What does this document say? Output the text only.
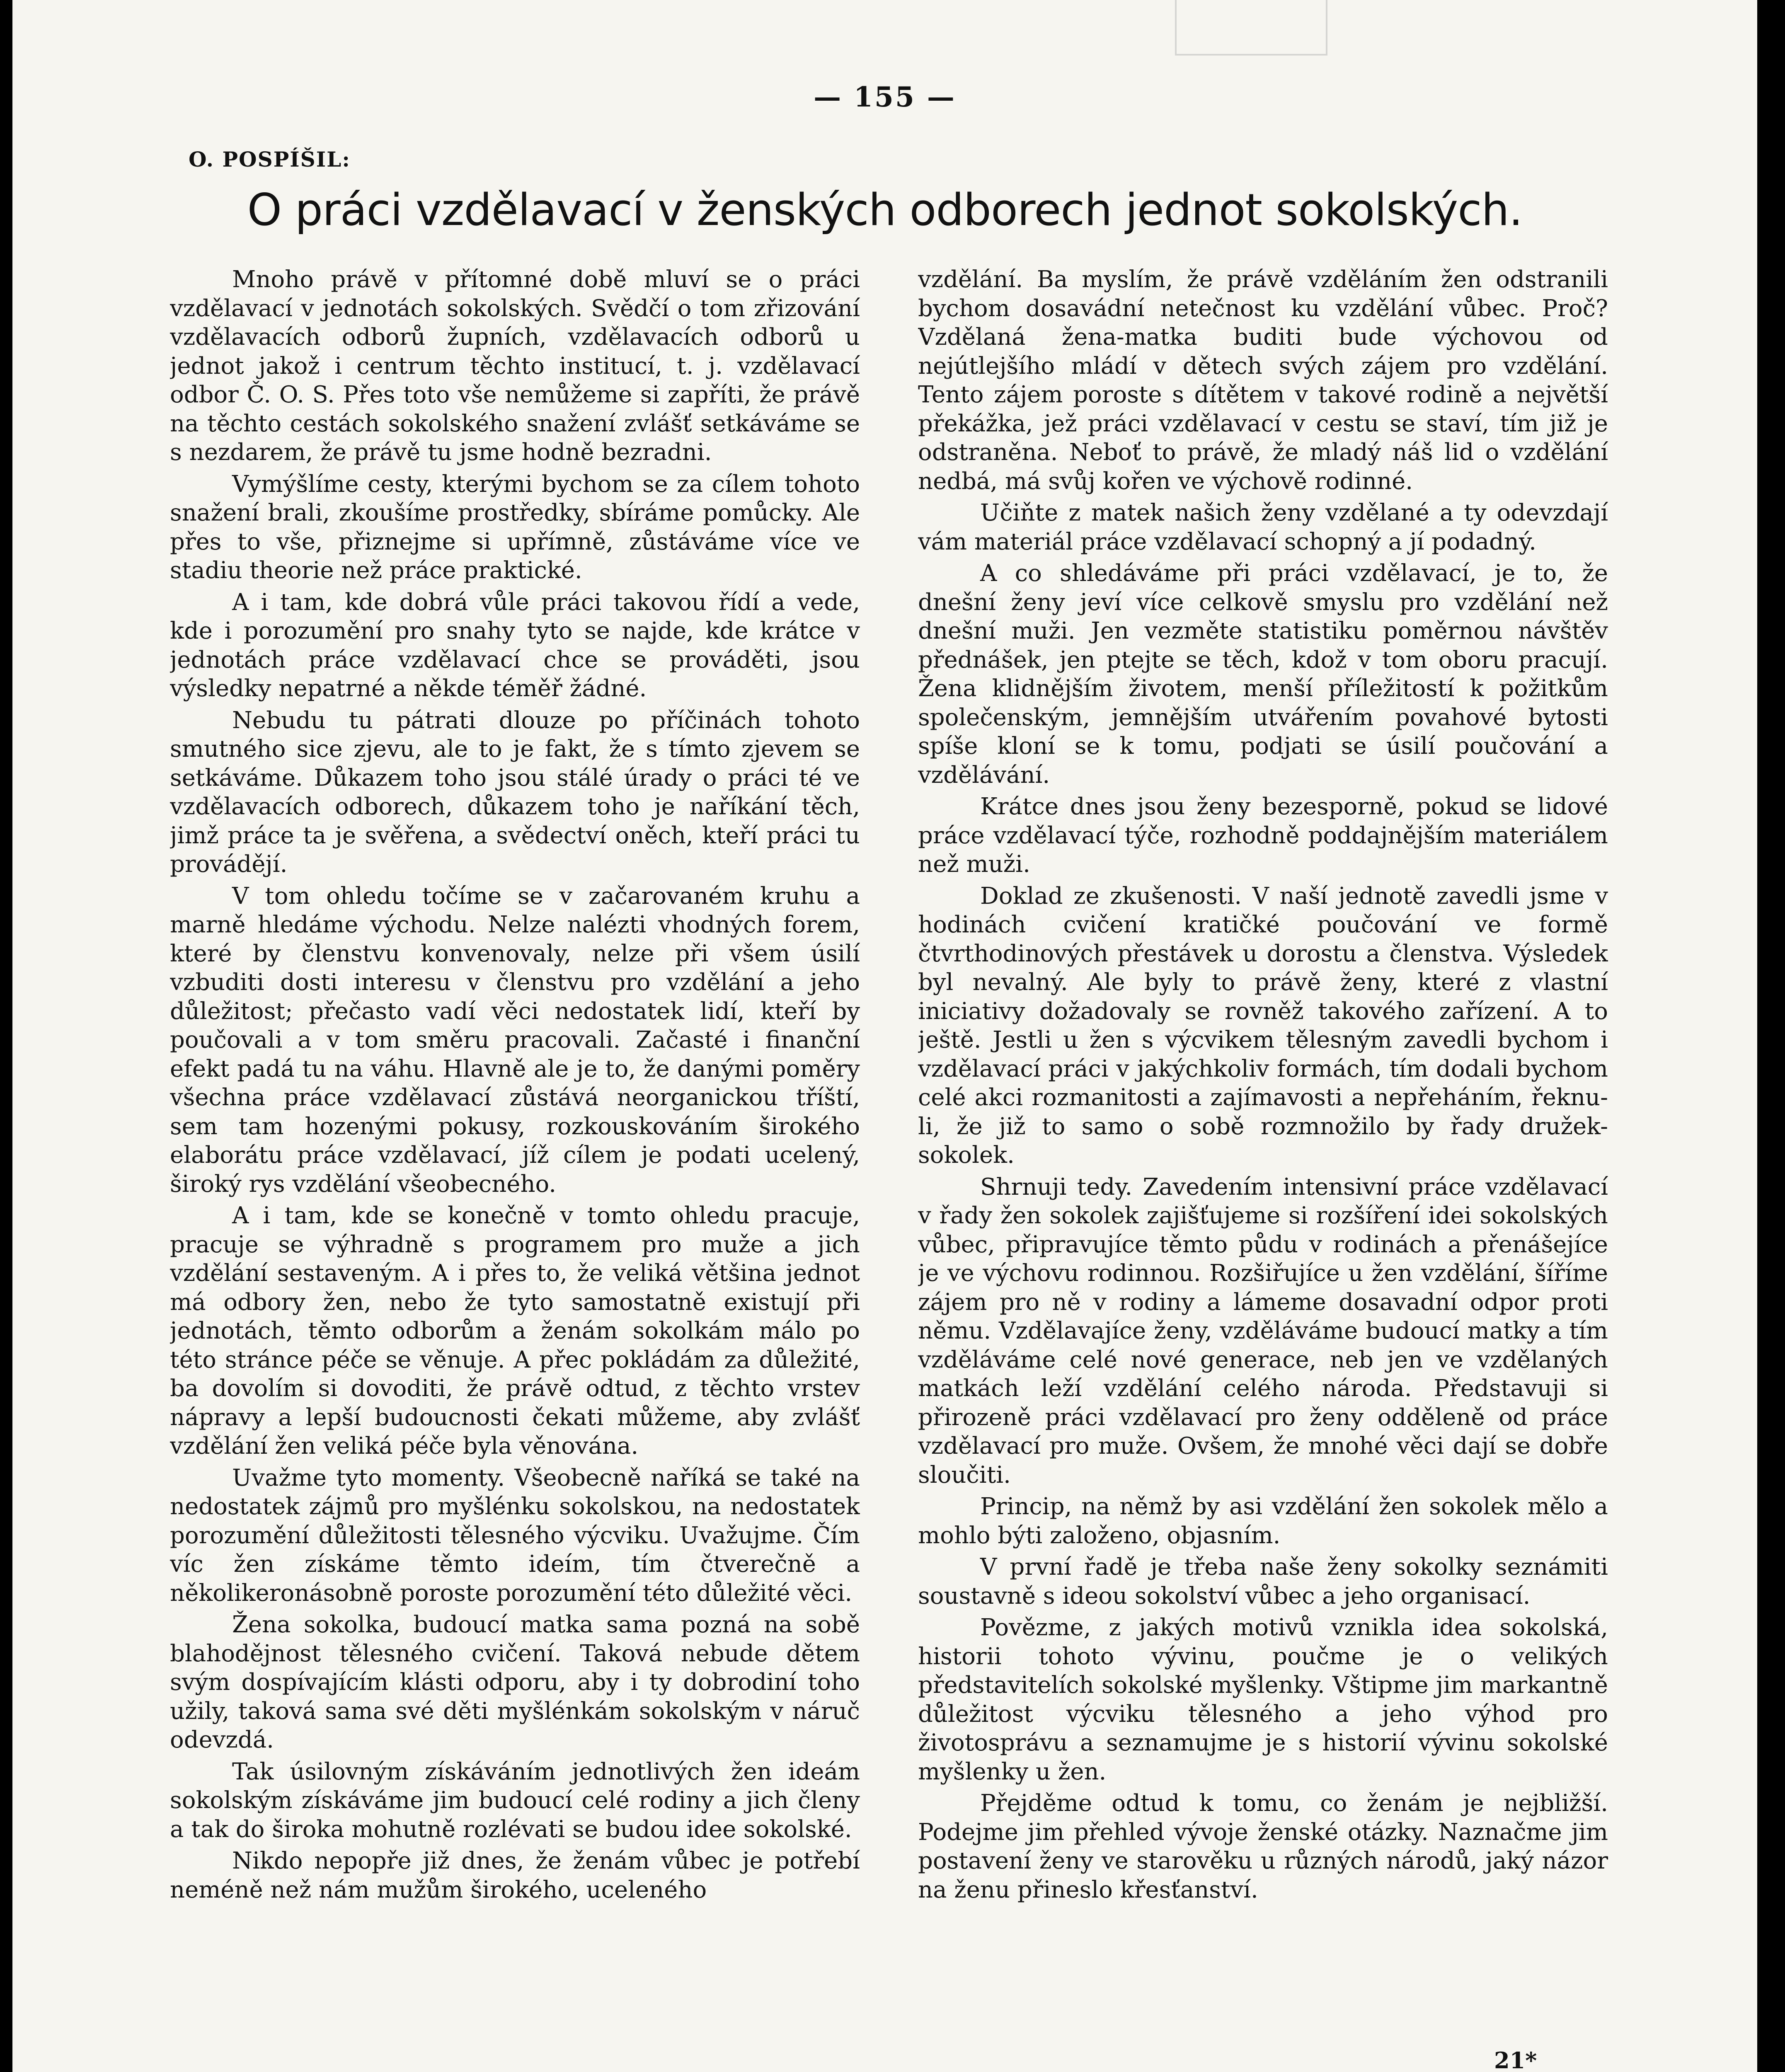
— 155 —
O. POSPÍŠIL:
O práci vzdělavací v ženských odborech jednot sokolských.

Mnoho právě v přítomné době mluví se o práci vzdělavací v jednotách sokolských. Svědčí o tom zřizování vzdělavacích odborů župních, vzdělavacích odborů u jednot jakož i centrum těchto institucí, t. j. vzdělavací odbor Č. O. S. Přes toto vše nemůžeme si zapříti, že právě na těchto cestách sokolského snažení zvlášť setkáváme se s nezdarem, že právě tu jsme hodně bezradni.

Vymýšlíme cesty, kterými bychom se za cílem tohoto snažení brali, zkoušíme prostředky, sbíráme pomůcky. Ale přes to vše, přiznejme si upřímně, zůstáváme více ve stadiu theorie než práce praktické.

A i tam, kde dobrá vůle práci takovou řídí a vede, kde i porozumění pro snahy tyto se najde, kde krátce v jednotách práce vzdělavací chce se prováděti, jsou výsledky nepatrné a někde téměř žádné.

Nebudu tu pátrati dlouze po příčinách tohoto smutného sice zjevu, ale to je fakt, že s tímto zjevem se setkáváme. Důkazem toho jsou stálé úrady o práci té ve vzdělavacích odborech, důkazem toho je naříkání těch, jimž práce ta je svěřena, a svědectví oněch, kteří práci tu provádějí.

V tom ohledu točíme se v začarovaném kruhu a marně hledáme východu. Nelze nalézti vhodných forem, které by členstvu konvenovaly, nelze při všem úsilí vzbuditi dosti interesu v členstvu pro vzdělání a jeho důležitost; přečasto vadí věci nedostatek lidí, kteří by poučovali a v tom směru pracovali. Začasté i finanční efekt padá tu na váhu. Hlavně ale je to, že danými poměry všechna práce vzdělavací zůstává neorganickou tříští, sem tam hozenými pokusy, rozkouskováním širokého elaborátu práce vzdělavací, jíž cílem je podati ucelený, široký rys vzdělání všeobecného.

A i tam, kde se konečně v tomto ohledu pracuje, pracuje se výhradně s programem pro muže a jich vzdělání sestaveným. A i přes to, že veliká většina jednot má odbory žen, nebo že tyto samostatně existují při jednotách, těmto odborům a ženám sokolkám málo po této stránce péče se věnuje. A přec pokládám za důležité, ba dovolím si dovoditi, že právě odtud, z těchto vrstev nápravy a lepší budoucnosti čekati můžeme, aby zvlášť vzdělání žen veliká péče byla věnována.

Uvažme tyto momenty. Všeobecně naříká se také na nedostatek zájmů pro myšlénku sokolskou, na nedostatek porozumění důležitosti tělesného výcviku. Uvažujme. Čím víc žen získáme těmto ideím, tím čtverečně a několikeronásobně poroste porozumění této důležité věci.

Žena sokolka, budoucí matka sama pozná na sobě blahodějnost tělesného cvičení. Taková nebude dětem svým dospívajícím klásti odporu, aby i ty dobrodiní toho užily, taková sama své děti myšlénkám sokolským v náruč odevzdá.

Tak úsilovným získáváním jednotlivých žen ideám sokolským získáváme jim budoucí celé rodiny a jich členy a tak do široka mohutně rozlévati se budou idee sokolské.

Nikdo nepopře již dnes, že ženám vůbec je potřebí neméně než nám mužům širokého, uceleného

vzdělání. Ba myslím, že právě vzděláním žen odstranili bychom dosavádní netečnost ku vzdělání vůbec. Proč? Vzdělaná žena-matka buditi bude výchovou od nejútlejšího mládí v dětech svých zájem pro vzdělání. Tento zájem poroste s dítětem v takové rodině a největší překážka, jež práci vzdělavací v cestu se staví, tím již je odstraněna. Neboť to právě, že mladý náš lid o vzdělání nedbá, má svůj kořen ve výchově rodinné.

Učiňte z matek našich ženy vzdělané a ty odevzdají vám materiál práce vzdělavací schopný a jí podadný.

A co shledáváme při práci vzdělavací, je to, že dnešní ženy jeví více celkově smyslu pro vzdělání než dnešní muži. Jen vezměte statistiku poměrnou návštěv přednášek, jen ptejte se těch, kdož v tom oboru pracují. Žena klidnějším životem, menší příležitostí k požitkům společenským, jemnějším utvářením povahové bytosti spíše kloní se k tomu, podjati se úsilí poučování a vzdělávání.

Krátce dnes jsou ženy bezesporně, pokud se lidové práce vzdělavací týče, rozhodně poddajnějším materiálem než muži.

Doklad ze zkušenosti. V naší jednotě zavedli jsme v hodinách cvičení kratičké poučování ve formě čtvrthodinových přestávek u dorostu a členstva. Výsledek byl nevalný. Ale byly to právě ženy, které z vlastní iniciativy dožadovaly se rovněž takového zařízení. A to ještě. Jestli u žen s výcvikem tělesným zavedli bychom i vzdělavací práci v jakýchkoliv formách, tím dodali bychom celé akci rozmanitosti a zajímavosti a nepřeháním, řeknu-li, že již to samo o sobě rozmnožilo by řady družek-sokolek.

Shrnuji tedy. Zavedením intensivní práce vzdělavací v řady žen sokolek zajišťujeme si rozšíření idei sokolských vůbec, připravujíce těmto půdu v rodinách a přenášejíce je ve výchovu rodinnou. Rozšiřujíce u žen vzdělání, šíříme zájem pro ně v rodiny a lámeme dosavadní odpor proti němu. Vzdělavajíce ženy, vzděláváme budoucí matky a tím vzděláváme celé nové generace, neb jen ve vzdělaných matkách leží vzdělání celého národa. Představuji si přirozeně práci vzdělavací pro ženy odděleně od práce vzdělavací pro muže. Ovšem, že mnohé věci dají se dobře sloučiti.

Princip, na němž by asi vzdělání žen sokolek mělo a mohlo býti založeno, objasním.

V první řadě je třeba naše ženy sokolky seznámiti soustavně s ideou sokolství vůbec a jeho organisací.

Povězme, z jakých motivů vznikla idea sokolská, historii tohoto vývinu, poučme je o velikých představitelích sokolské myšlenky. Vštipme jim markantně důležitost výcviku tělesného a jeho výhod pro životosprávu a seznamujme je s historií vývinu sokolské myšlenky u žen.

Přejděme odtud k tomu, co ženám je nejbližší. Podejme jim přehled vývoje ženské otázky. Naznačme jim postavení ženy ve starověku u různých národů, jaký názor na ženu přineslo křesťanství.

21*
